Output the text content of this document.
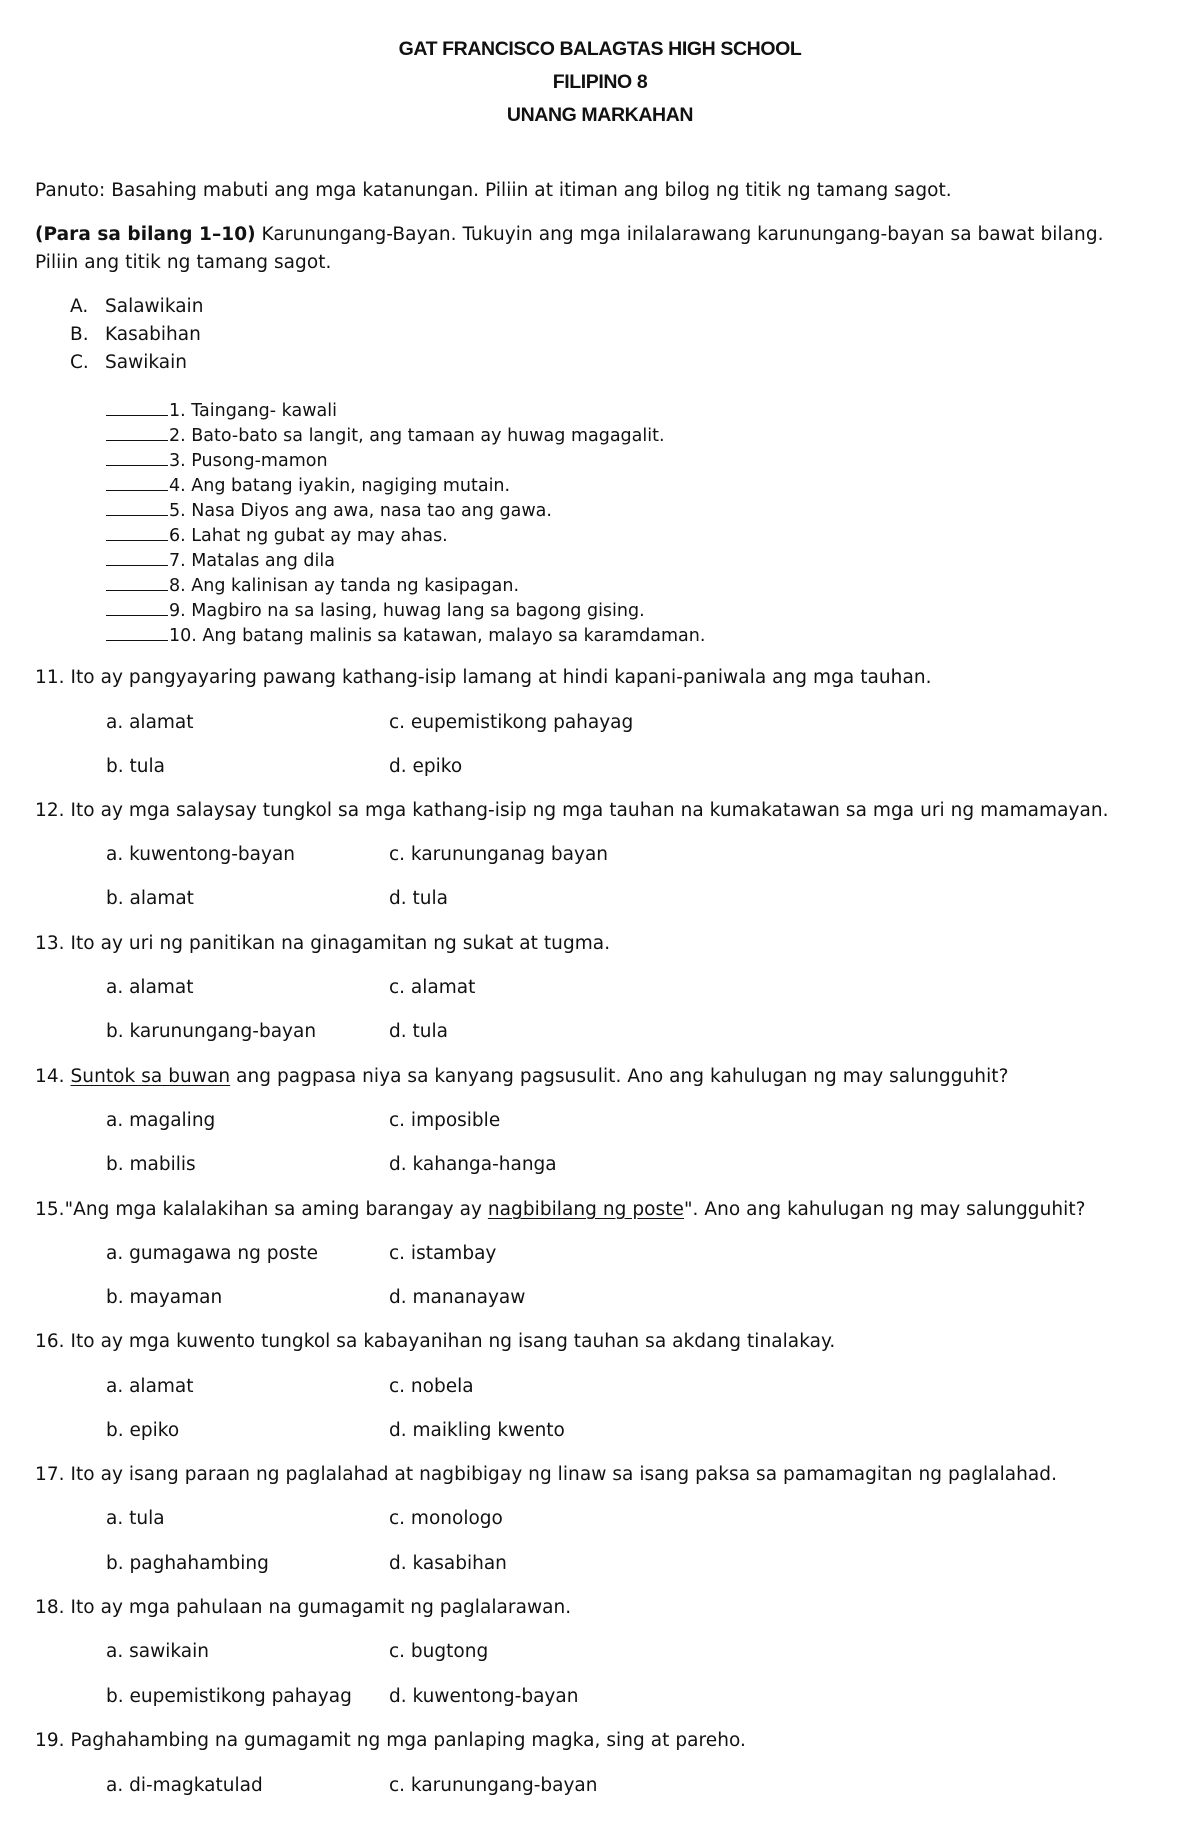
GAT FRANCISCO BALAGTAS HIGH SCHOOL
FILIPINO 8
UNANG MARKAHAN
Panuto: Basahing mabuti ang mga katanungan. Piliin at itiman ang bilog ng titik ng tamang sagot.
(Para sa bilang 1–10) Karunungang-Bayan. Tukuyin ang mga inilalarawang karunungang-bayan sa bawat bilang.
Piliin ang titik ng tamang sagot.
A. Salawikain
B. Kasabihan
C. Sawikain
1. Taingang- kawali
2. Bato-bato sa langit, ang tamaan ay huwag magagalit.
3. Pusong-mamon
4. Ang batang iyakin, nagiging mutain.
5. Nasa Diyos ang awa, nasa tao ang gawa.
6. Lahat ng gubat ay may ahas.
7. Matalas ang dila
8. Ang kalinisan ay tanda ng kasipagan.
9. Magbiro na sa lasing, huwag lang sa bagong gising.
10. Ang batang malinis sa katawan, malayo sa karamdaman.
11. Ito ay pangyayaring pawang kathang-isip lamang at hindi kapani-paniwala ang mga tauhan.
a. alamat	c. eupemistikong pahayag
b. tula	d. epiko
12. Ito ay mga salaysay tungkol sa mga kathang-isip ng mga tauhan na kumakatawan sa mga uri ng mamamayan.
a. kuwentong-bayan	c. karununganag bayan
b. alamat	d. tula
13. Ito ay uri ng panitikan na ginagamitan ng sukat at tugma.
a. alamat	c. alamat
b. karunungang-bayan	d. tula
14. Suntok sa buwan ang pagpasa niya sa kanyang pagsusulit. Ano ang kahulugan ng may salungguhit?
a. magaling	c. imposible
b. mabilis	d. kahanga-hanga
15."Ang mga kalalakihan sa aming barangay ay nagbibilang ng poste". Ano ang kahulugan ng may salungguhit?
a. gumagawa ng poste	c. istambay
b. mayaman	d. mananayaw
16. Ito ay mga kuwento tungkol sa kabayanihan ng isang tauhan sa akdang tinalakay.
a. alamat	c. nobela
b. epiko	d. maikling kwento
17. Ito ay isang paraan ng paglalahad at nagbibigay ng linaw sa isang paksa sa pamamagitan ng paglalahad.
a. tula	c. monologo
b. paghahambing	d. kasabihan
18. Ito ay mga pahulaan na gumagamit ng paglalarawan.
a. sawikain	c. bugtong
b. eupemistikong pahayag d. kuwentong-bayan
19. Paghahambing na gumagamit ng mga panlaping magka, sing at pareho.
a. di-magkatulad	c. karunungang-bayan
